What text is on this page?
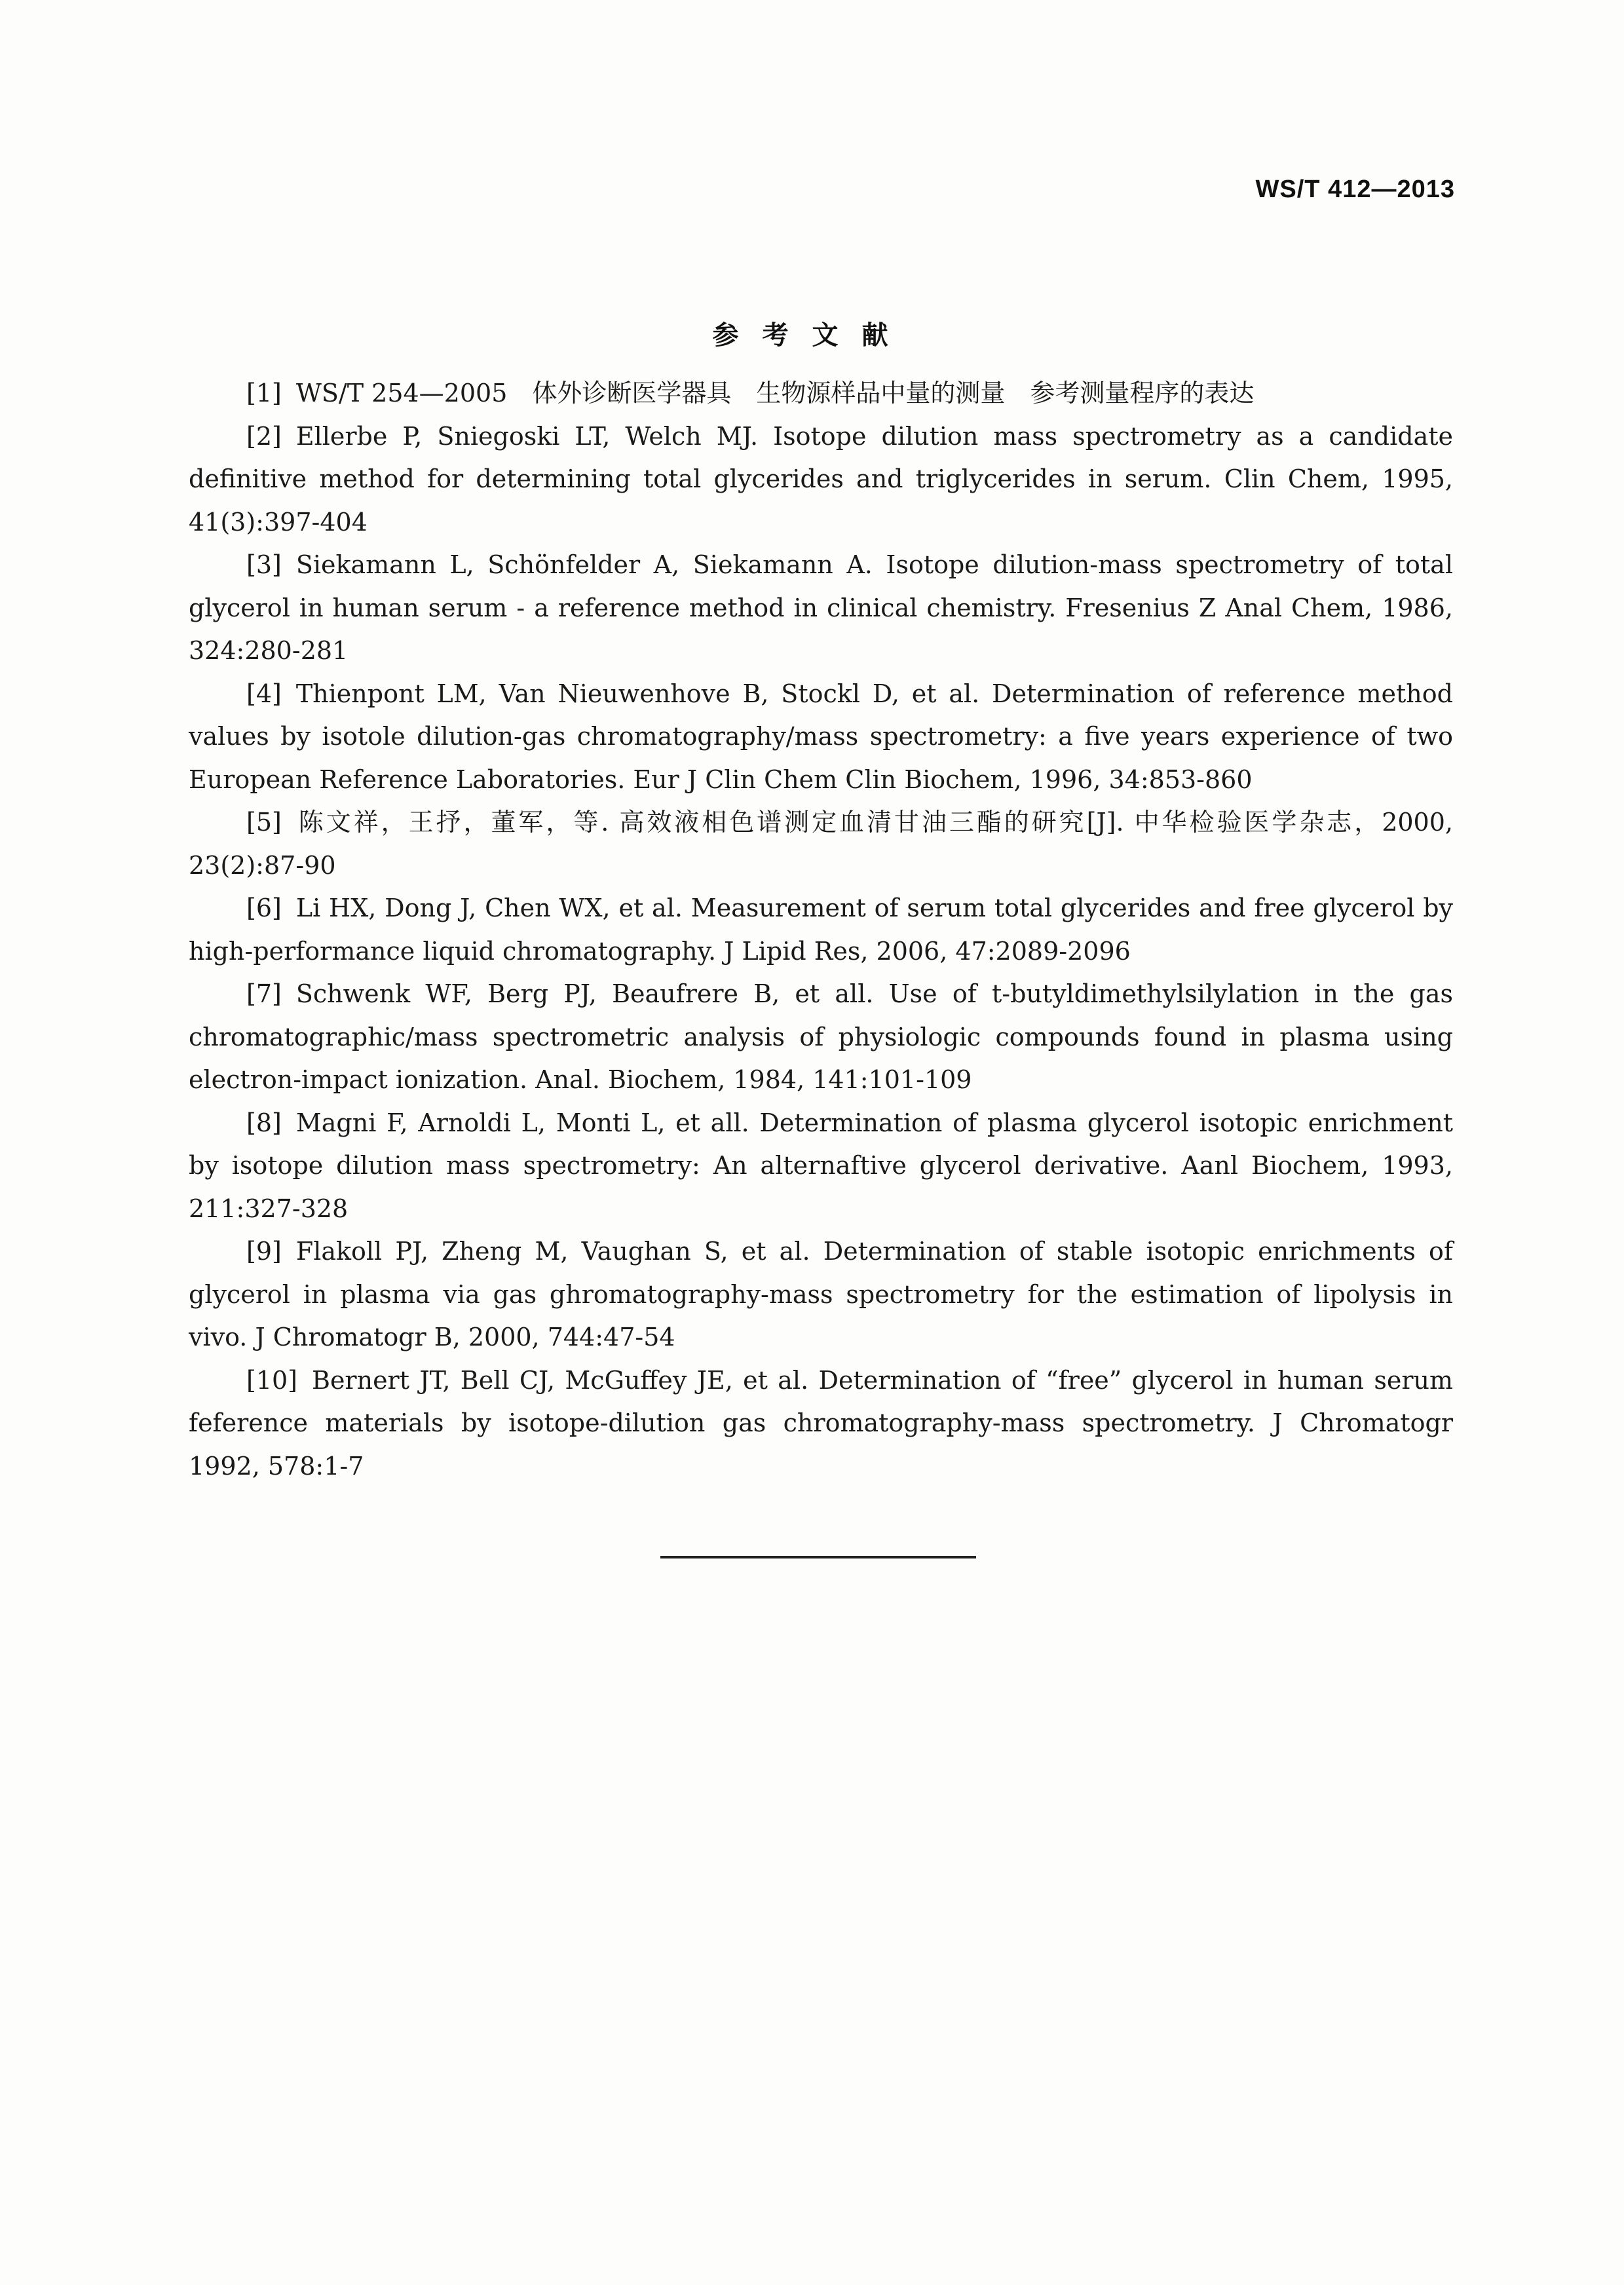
WS/T 412—2013
参考文献

[1] WS/T 254—2005　体外诊断医学器具　生物源样品中量的测量　参考测量程序的表达

[2] Ellerbe P, Sniegoski LT, Welch MJ. Isotope dilution mass spectrometry as a candidate definitive method for determining total glycerides and triglycerides in serum. Clin Chem, 1995, 41(3):397-404

[3] Siekamann L, Schönfelder A, Siekamann A. Isotope dilution-mass spectrometry of total glycerol in human serum - a reference method in clinical chemistry. Fresenius Z Anal Chem, 1986, 324:280-281

[4] Thienpont LM, Van Nieuwenhove B, Stockl D, et al. Determination of reference method values by isotole dilution-gas chromatography/mass spectrometry: a five years experience of two European Reference Laboratories. Eur J Clin Chem Clin Biochem, 1996, 34:853-860

[5] 陈文祥，王抒，董军，等. 高效液相色谱测定血清甘油三酯的研究[J]. 中华检验医学杂志，2000, 23(2):87-90

[6] Li HX, Dong J, Chen WX, et al. Measurement of serum total glycerides and free glycerol by high-performance liquid chromatography. J Lipid Res, 2006, 47:2089-2096

[7] Schwenk WF, Berg PJ, Beaufrere B, et all. Use of t-butyldimethylsilylation in the gas chromatographic/mass spectrometric analysis of physiologic compounds found in plasma using electron-impact ionization. Anal. Biochem, 1984, 141:101-109

[8] Magni F, Arnoldi L, Monti L, et all. Determination of plasma glycerol isotopic enrichment by isotope dilution mass spectrometry: An alternaftive glycerol derivative. Aanl Biochem, 1993, 211:327-328

[9] Flakoll PJ, Zheng M, Vaughan S, et al. Determination of stable isotopic enrichments of glycerol in plasma via gas ghromatography-mass spectrometry for the estimation of lipolysis in vivo. J Chromatogr B, 2000, 744:47-54

[10] Bernert JT, Bell CJ, McGuffey JE, et al. Determination of “free” glycerol in human serum feference materials by isotope-dilution gas chromatography-mass spectrometry. J Chromatogr 1992, 578:1-7
